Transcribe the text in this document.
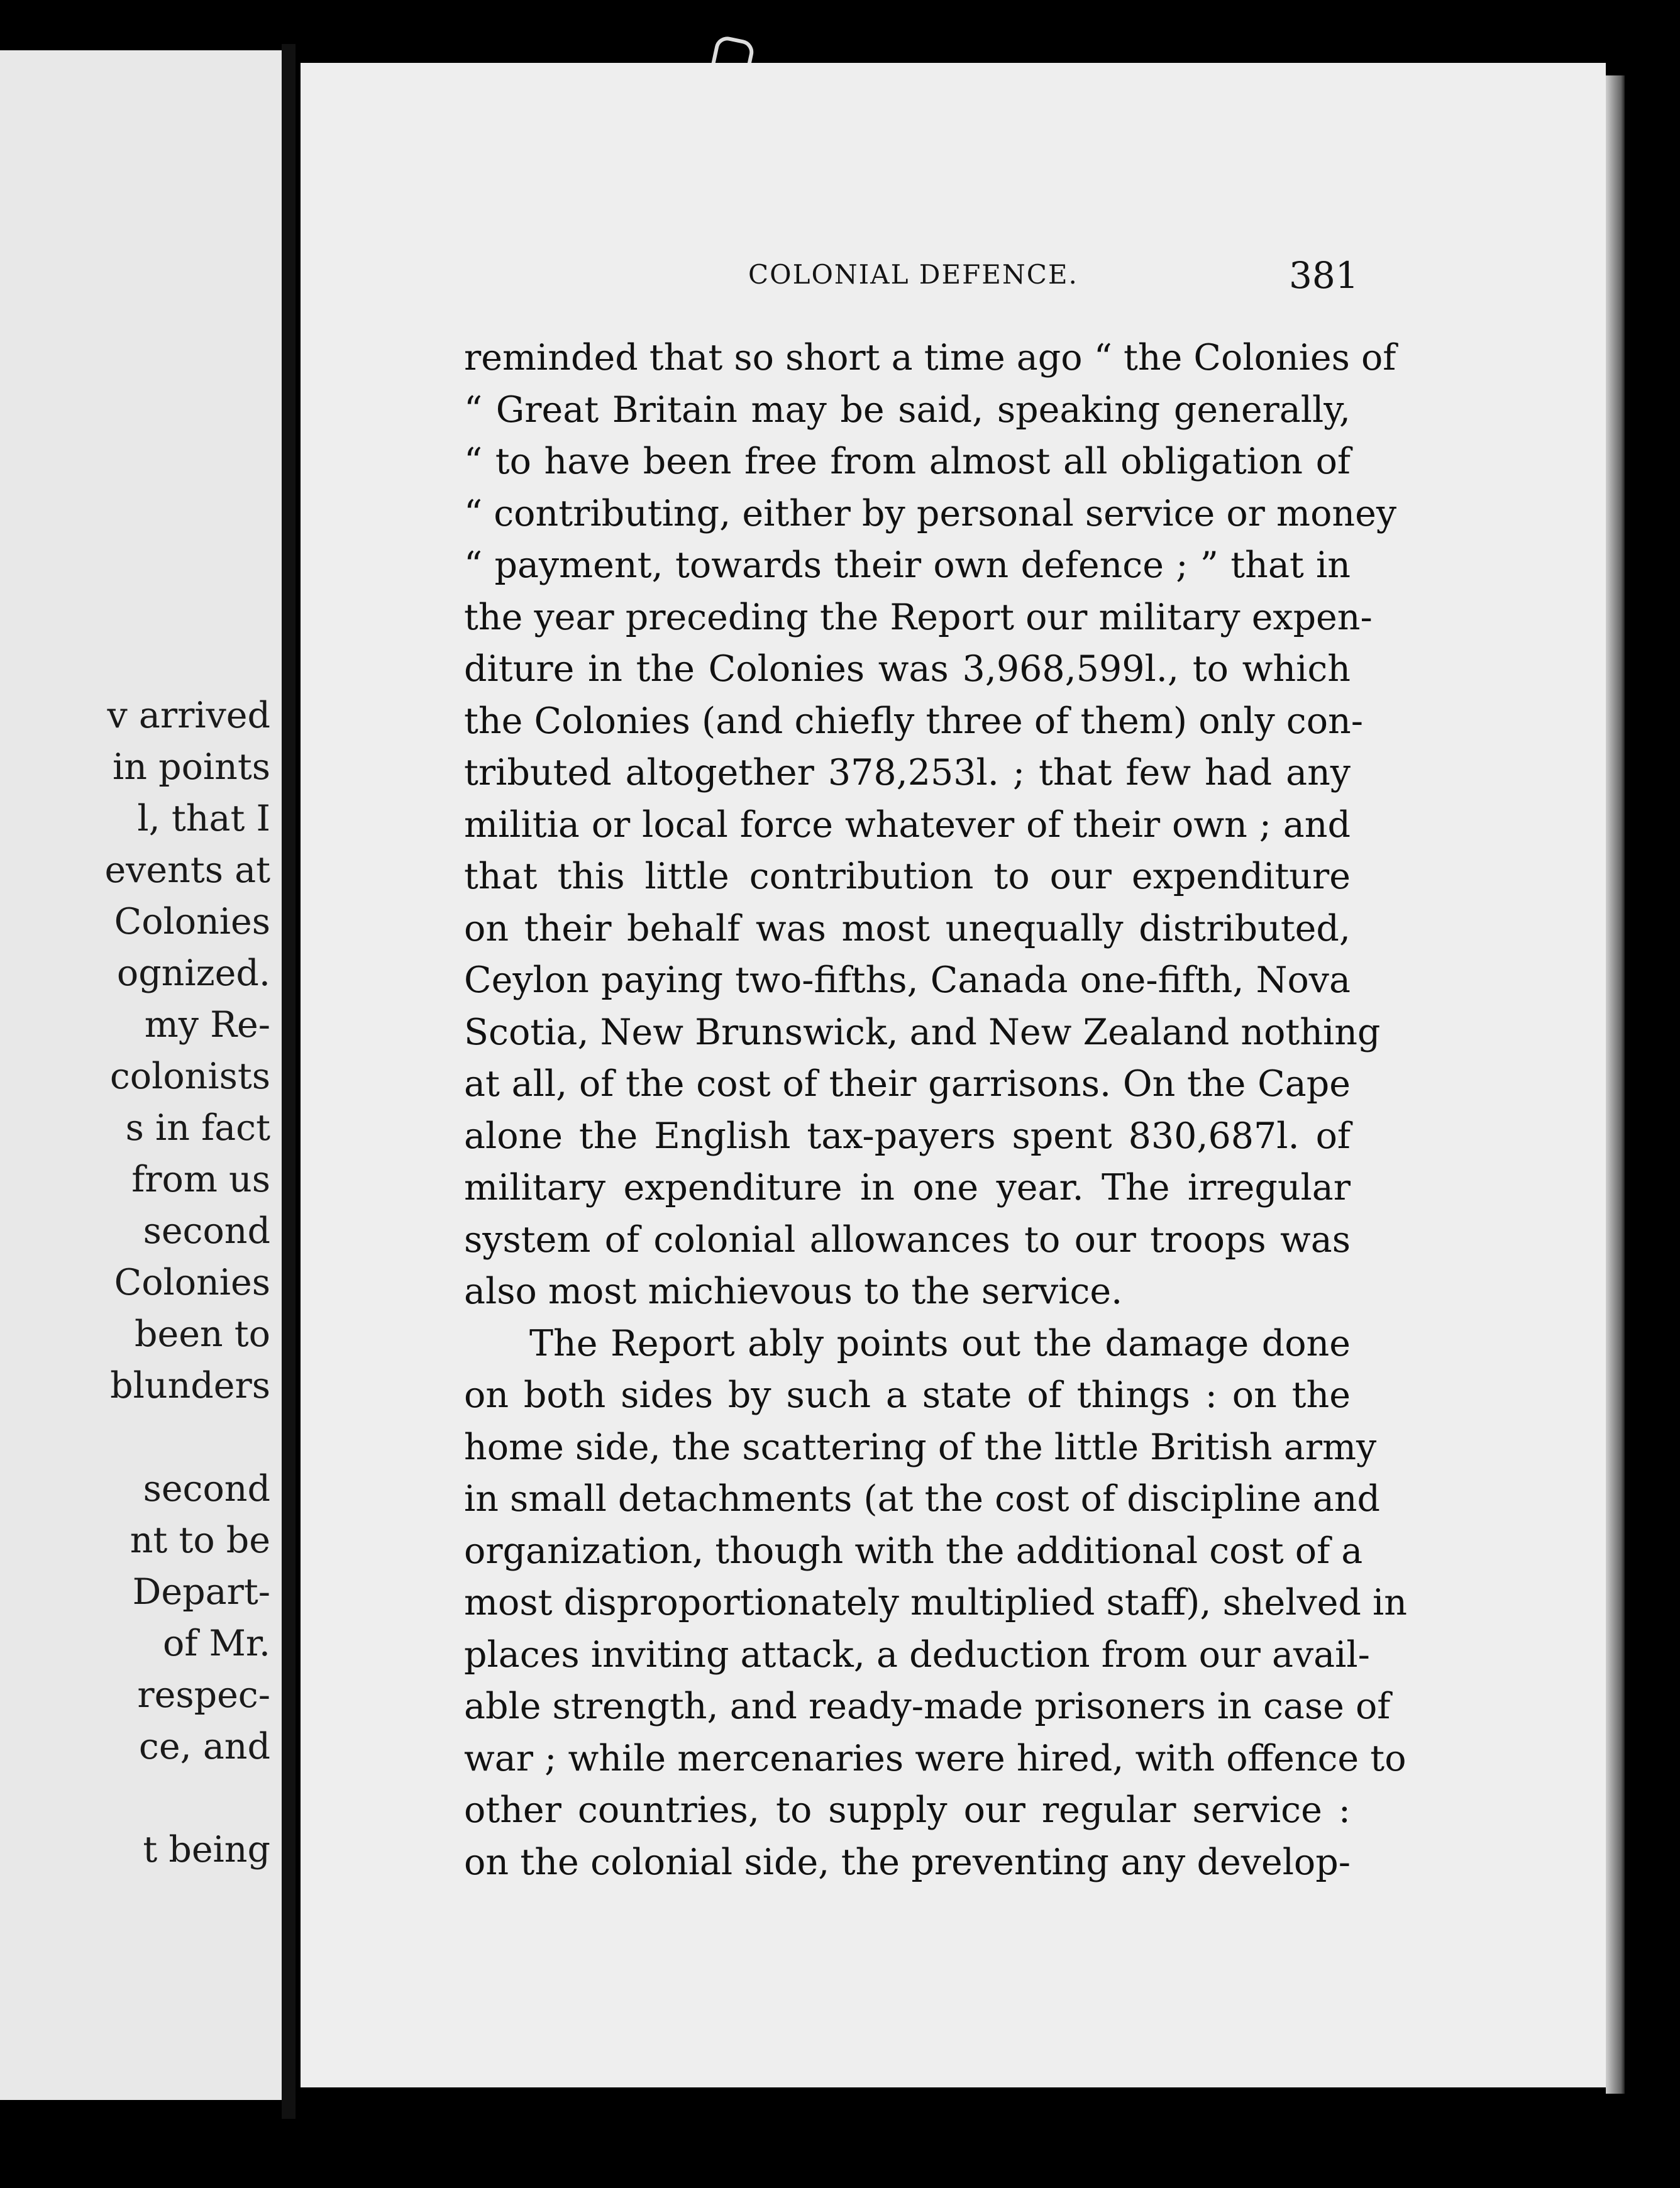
v arrived
in points
l, that I
events at
Colonies
ognized.
my Re-
colonists
s in fact
from us
second
Colonies
been to
blunders
second
nt to be
Depart-
of Mr.
respec-
ce, and
t being
COLONIAL DEFENCE.	381
reminded that so short a time ago “ the Colonies of
“ Great Britain may be said, speaking generally,
“ to have been free from almost all obligation of
“ contributing, either by personal service or money
“ payment, towards their own defence ; ” that in
the year preceding the Report our military expen-
diture in the Colonies was 3,968,599l., to which
the Colonies (and chiefly three of them) only con-
tributed altogether 378,253l. ; that few had any
militia or local force whatever of their own ; and
that this little contribution to our expenditure
on their behalf was most unequally distributed,
Ceylon paying two-fifths, Canada one-fifth, Nova
Scotia, New Brunswick, and New Zealand nothing
at all, of the cost of their garrisons. On the Cape
alone the English tax-payers spent 830,687l. of
military expenditure in one year. The irregular
system of colonial allowances to our troops was
also most michievous to the service.
The Report ably points out the damage done
on both sides by such a state of things : on the
home side, the scattering of the little British army
in small detachments (at the cost of discipline and
organization, though with the additional cost of a
most disproportionately multiplied staff), shelved in
places inviting attack, a deduction from our avail-
able strength, and ready-made prisoners in case of
war ; while mercenaries were hired, with offence to
other countries, to supply our regular service :
on the colonial side, the preventing any develop-
